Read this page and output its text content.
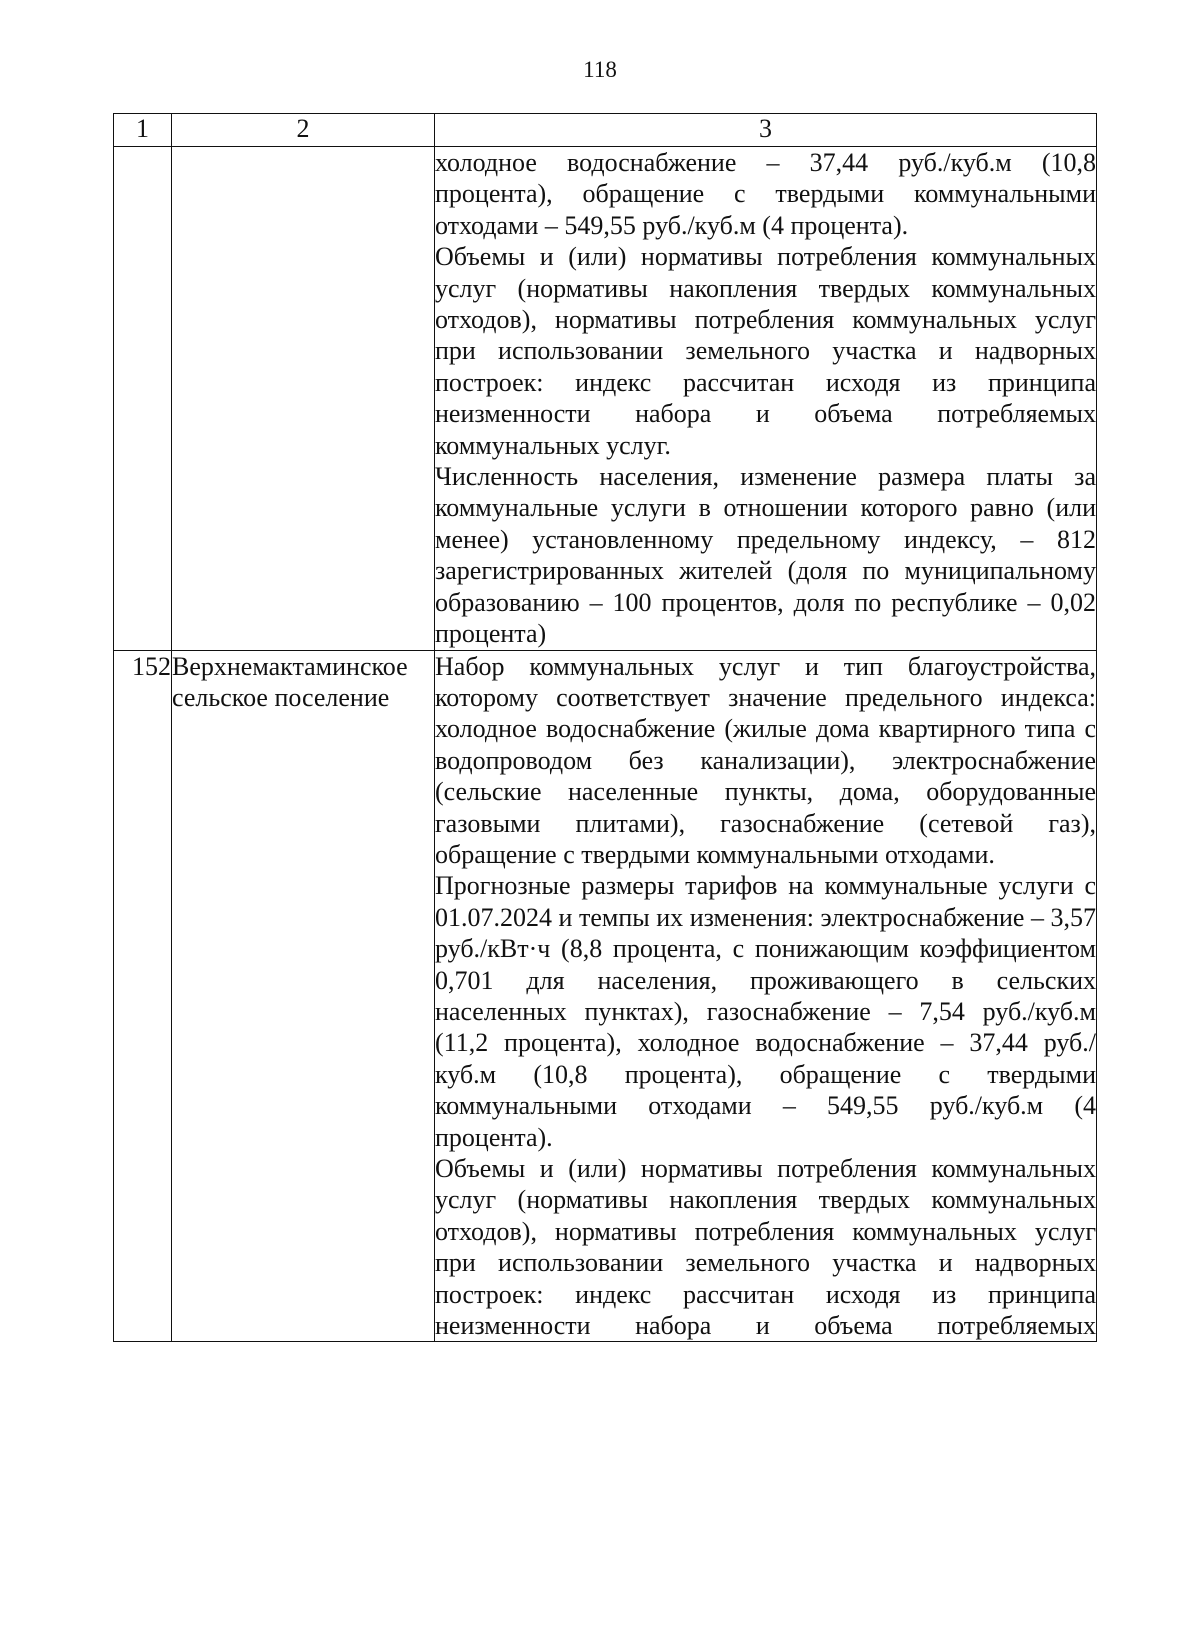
118
1	2	3

		холодное водоснабжение – 37,44 руб./куб.м (10,8 процента), обращение с твердыми коммунальными отходами – 549,55 руб./куб.м (4 процента).
Объемы и (или) нормативы потребления коммунальных услуг (нормативы накопления твердых коммунальных отходов), нормативы потребления коммунальных услуг при использовании земельного участка и надворных построек: индекс рассчитан исходя из принципа неизменности набора и объема потребляемых коммунальных услуг.
Численность населения, изменение размера платы за коммунальные услуги в отношении которого равно (или менее) установленному предельному индексу, – 812 зарегистрированных жителей (доля по муниципальному образованию – 100 процентов, доля по республике – 0,02 процента)

152	Верхнемактаминское сельское поселение	Набор коммунальных услуг и тип благоустройства, которому соответствует значение предельного индекса: холодное водоснабжение (жилые дома квартирного типа с водопроводом без канализации), электроснабжение (сельские населенные пункты, дома, оборудованные газовыми плитами), газоснабжение (сетевой газ), обращение с твердыми коммунальными отходами.
Прогнозные размеры тарифов на коммунальные услуги с 01.07.2024 и темпы их изменения: электроснабжение – 3,57 руб./кВт·ч (8,8 процента, с понижающим коэффициентом 0,701 для населения, проживающего в сельских населенных пунктах), газоснабжение – 7,54 руб./куб.м (11,2 процента), холодное водоснабжение – 37,44 руб./куб.м (10,8 процента), обращение с твердыми коммунальными отходами – 549,55 руб./куб.м (4 процента).
Объемы и (или) нормативы потребления коммунальных услуг (нормативы накопления твердых коммунальных отходов), нормативы потребления коммунальных услуг при использовании земельного участка и надворных построек: индекс рассчитан исходя из принципа неизменности набора и объема потребляемых
